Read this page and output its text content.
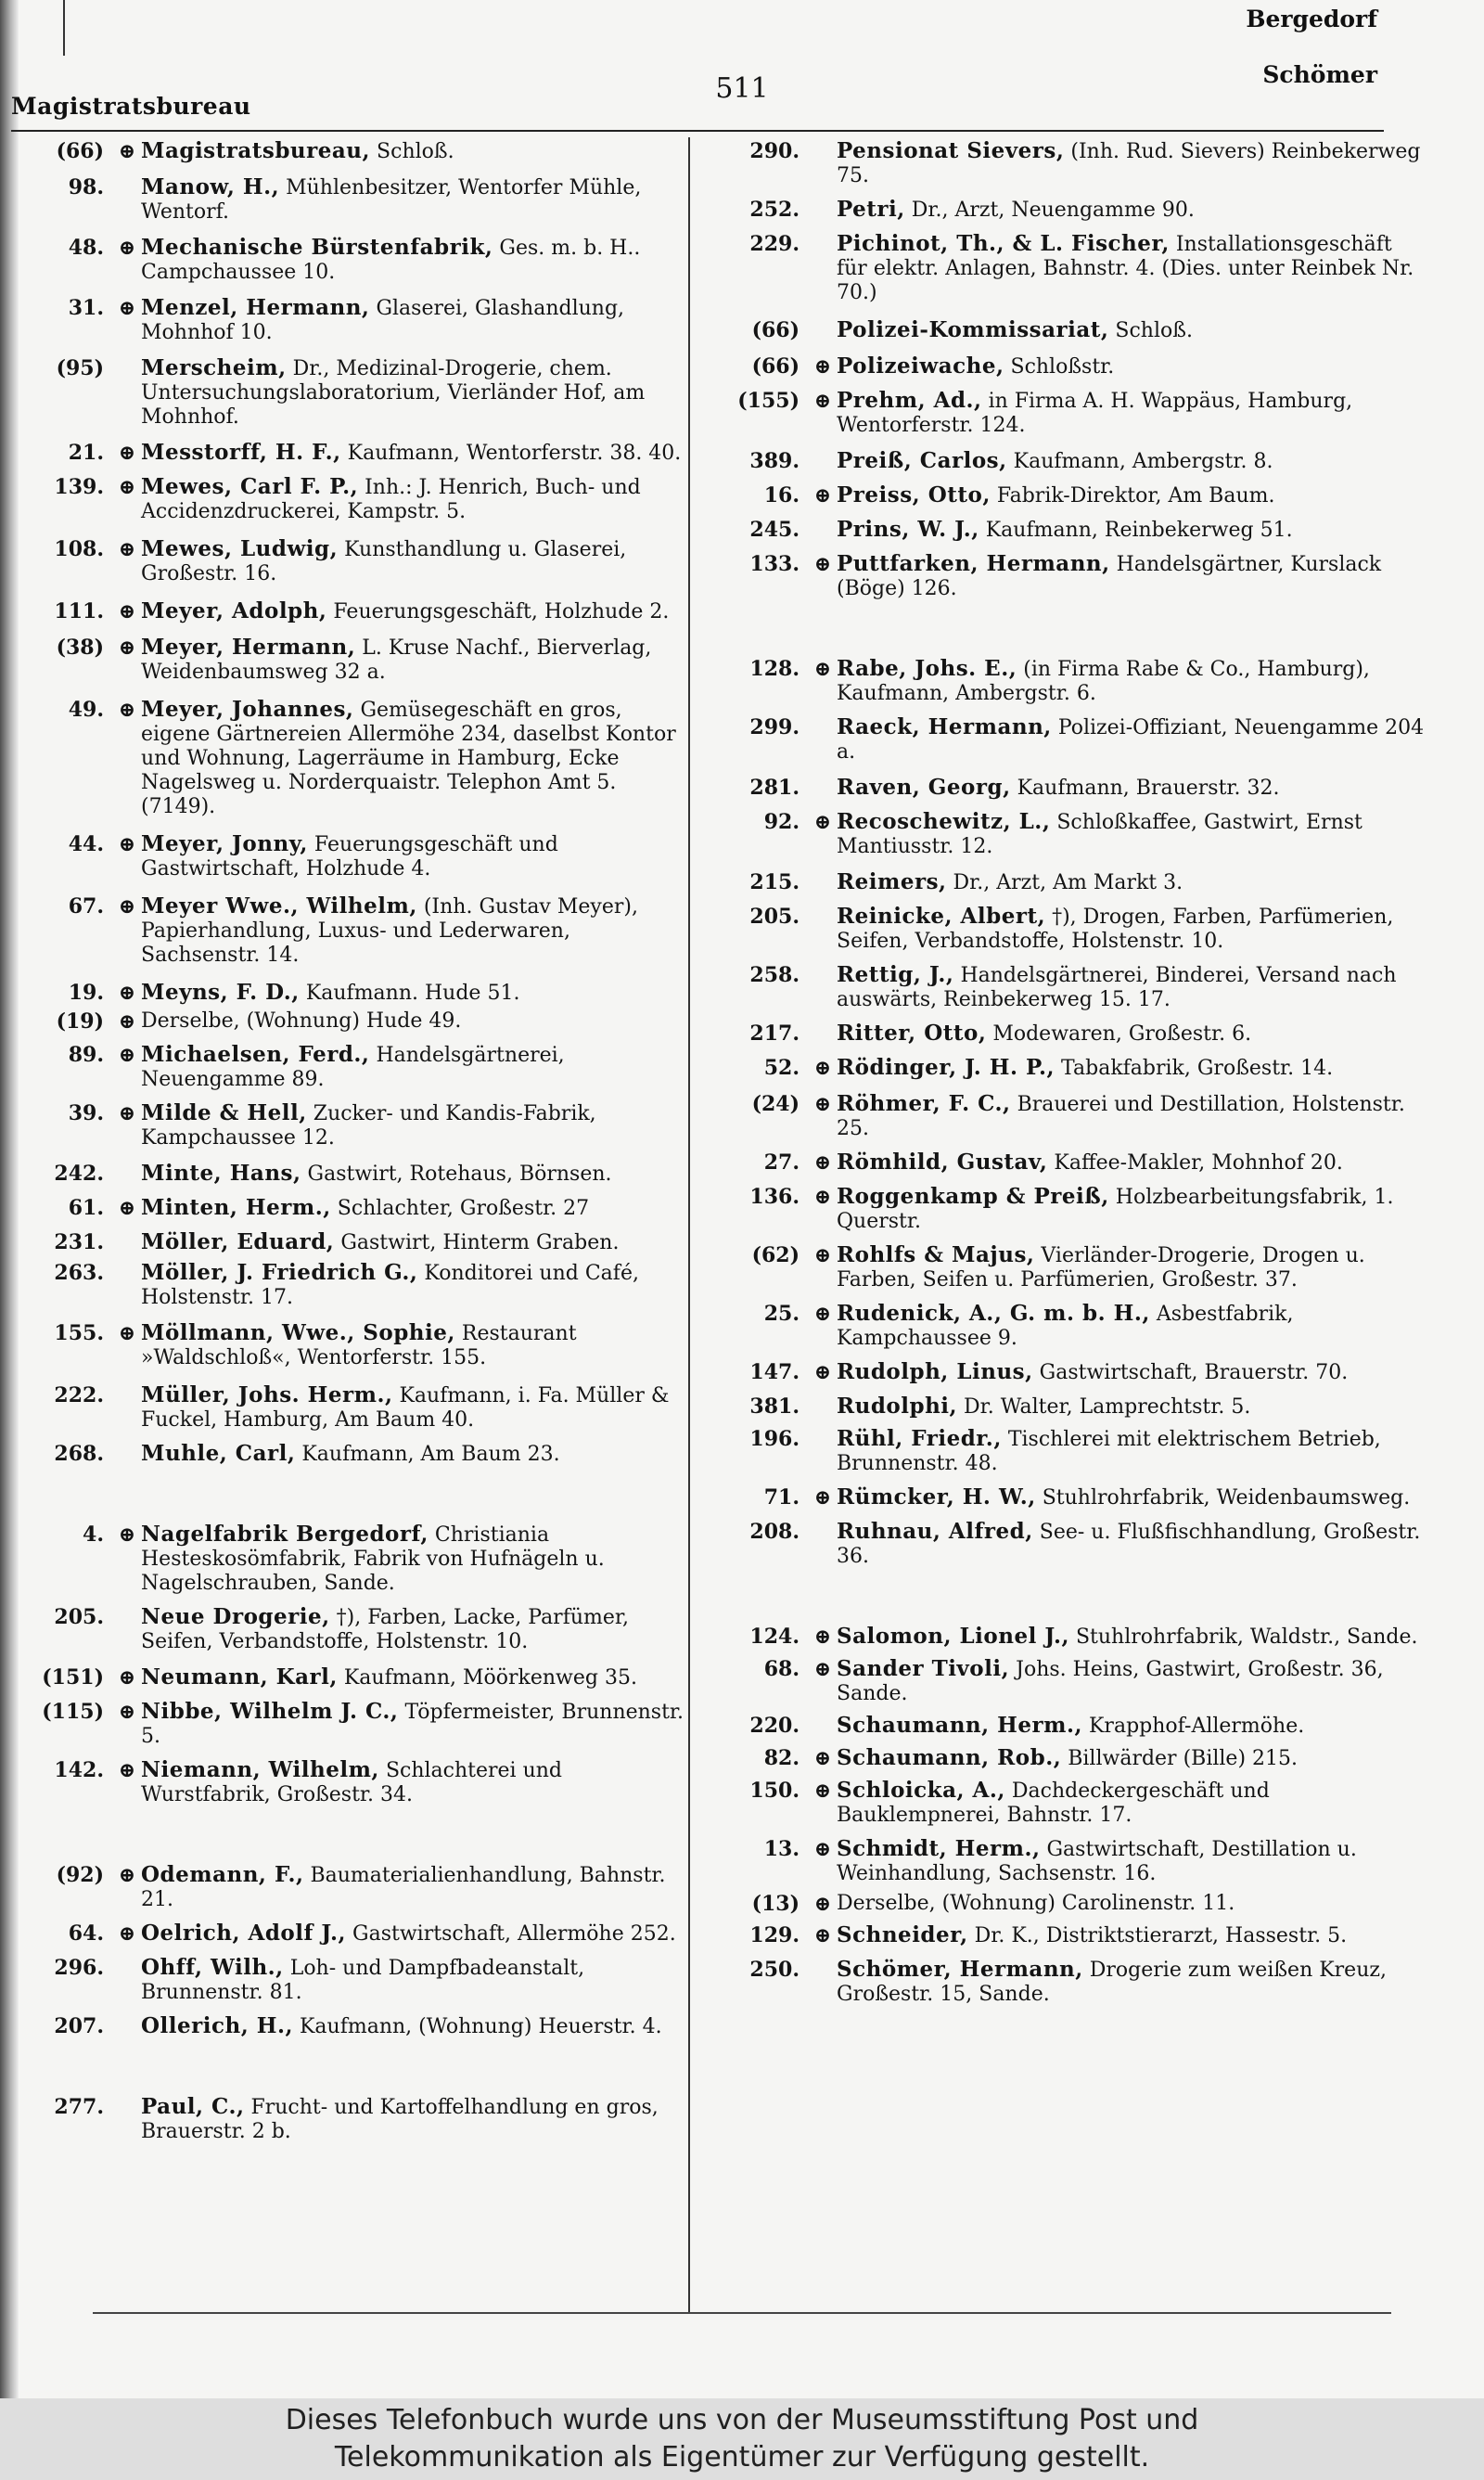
Magistratsbureau
511
Bergedorf
Schömer
(66) ⊕ Magistratsbureau, Schloß.
98.	Manow, H., Mühlenbesitzer, Wentorfer Mühle, Wentorf.
48. ⊕ Mechanische Bürstenfabrik, Ges. m. b. H.. Campchaussee 10.
31. ⊕ Menzel, Hermann, Glaserei, Glashandlung, Mohnhof 10.
(95)	Merscheim, Dr., Medizinal-Drogerie, chem. Untersuchungslaboratorium, Vierländer Hof, am Mohnhof.
21. ⊕ Messtorff, H. F., Kaufmann, Wentorferstr. 38. 40.
139. ⊕ Mewes, Carl F. P., Inh.: J. Henrich, Buch- und Accidenzdruckerei, Kampstr. 5.
108. ⊕ Mewes, Ludwig, Kunsthandlung u. Glaserei, Großestr. 16.
111. ⊕ Meyer, Adolph, Feuerungsgeschäft, Holzhude 2.
(38) ⊕ Meyer, Hermann, L. Kruse Nachf., Bierverlag, Weidenbaumsweg 32 a.
49. ⊕ Meyer, Johannes, Gemüsegeschäft en gros, eigene Gärtnereien Allermöhe 234, daselbst Kontor und Wohnung, Lagerräume in Hamburg, Ecke Nagelsweg u. Norderquaistr. Telephon Amt 5. (7149).
44. ⊕ Meyer, Jonny, Feuerungsgeschäft und Gastwirtschaft, Holzhude 4.
67. ⊕ Meyer Wwe., Wilhelm, (Inh. Gustav Meyer), Papierhandlung, Luxus- und Lederwaren, Sachsenstr. 14.
19. ⊕ Meyns, F. D., Kaufmann. Hude 51.
(19) ⊕ Derselbe, (Wohnung) Hude 49.
89. ⊕ Michaelsen, Ferd., Handelsgärtnerei, Neuengamme 89.
39. ⊕ Milde & Hell, Zucker- und Kandis-Fabrik, Kampchaussee 12.
242.	Minte, Hans, Gastwirt, Rotehaus, Börnsen.
61. ⊕ Minten, Herm., Schlachter, Großestr. 27
231.	Möller, Eduard, Gastwirt, Hinterm Graben.
263.	Möller, J. Friedrich G., Konditorei und Café, Holstenstr. 17.
155. ⊕ Möllmann, Wwe., Sophie, Restaurant »Waldschloß«, Wentorferstr. 155.
222.	Müller, Johs. Herm., Kaufmann, i. Fa. Müller & Fuckel, Hamburg, Am Baum 40.
268.	Muhle, Carl, Kaufmann, Am Baum 23.
4. ⊕ Nagelfabrik Bergedorf, Christiania Hesteskosömfabrik, Fabrik von Hufnägeln u. Nagelschrauben, Sande.
205.	Neue Drogerie, †), Farben, Lacke, Parfümer, Seifen, Verbandstoffe, Holstenstr. 10.
(151) ⊕ Neumann, Karl, Kaufmann, Möörkenweg 35.
(115) ⊕ Nibbe, Wilhelm J. C., Töpfermeister, Brunnenstr. 5.
142. ⊕ Niemann, Wilhelm, Schlachterei und Wurstfabrik, Großestr. 34.
(92) ⊕ Odemann, F., Baumaterialienhandlung, Bahnstr. 21.
64. ⊕ Oelrich, Adolf J., Gastwirtschaft, Allermöhe 252.
296.	Ohff, Wilh., Loh- und Dampfbadeanstalt, Brunnenstr. 81.
207.	Ollerich, H., Kaufmann, (Wohnung) Heuerstr. 4.
277.	Paul, C., Frucht- und Kartoffelhandlung en gros, Brauerstr. 2 b.
290.	Pensionat Sievers, (Inh. Rud. Sievers) Reinbekerweg 75.
252.	Petri, Dr., Arzt, Neuengamme 90.
229.	Pichinot, Th., & L. Fischer, Installationsgeschäft für elektr. Anlagen, Bahnstr. 4. (Dies. unter Reinbek Nr. 70.)
(66)	Polizei-Kommissariat, Schloß.
(66) ⊕ Polizeiwache, Schloßstr.
(155) ⊕ Prehm, Ad., in Firma A. H. Wappäus, Hamburg, Wentorferstr. 124.
389.	Preiß, Carlos, Kaufmann, Ambergstr. 8.
16. ⊕ Preiss, Otto, Fabrik-Direktor, Am Baum.
245.	Prins, W. J., Kaufmann, Reinbekerweg 51.
133. ⊕ Puttfarken, Hermann, Handelsgärtner, Kurslack (Böge) 126.
128. ⊕ Rabe, Johs. E., (in Firma Rabe & Co., Hamburg), Kaufmann, Ambergstr. 6.
299.	Raeck, Hermann, Polizei-Offiziant, Neuengamme 204 a.
281.	Raven, Georg, Kaufmann, Brauerstr. 32.
92. ⊕ Recoschewitz, L., Schloßkaffee, Gastwirt, Ernst Mantiusstr. 12.
215.	Reimers, Dr., Arzt, Am Markt 3.
205.	Reinicke, Albert, †), Drogen, Farben, Parfümerien, Seifen, Verbandstoffe, Holstenstr. 10.
258.	Rettig, J., Handelsgärtnerei, Binderei, Versand nach auswärts, Reinbekerweg 15. 17.
217.	Ritter, Otto, Modewaren, Großestr. 6.
52. ⊕ Rödinger, J. H. P., Tabakfabrik, Großestr. 14.
(24) ⊕ Röhmer, F. C., Brauerei und Destillation, Holstenstr. 25.
27. ⊕ Römhild, Gustav, Kaffee-Makler, Mohnhof 20.
136. ⊕ Roggenkamp & Preiß, Holzbearbeitungsfabrik, 1. Querstr.
(62) ⊕ Rohlfs & Majus, Vierländer-Drogerie, Drogen u. Farben, Seifen u. Parfümerien, Großestr. 37.
25. ⊕ Rudenick, A., G. m. b. H., Asbestfabrik, Kampchaussee 9.
147. ⊕ Rudolph, Linus, Gastwirtschaft, Brauerstr. 70.
381.	Rudolphi, Dr. Walter, Lamprechtstr. 5.
196.	Rühl, Friedr., Tischlerei mit elektrischem Betrieb, Brunnenstr. 48.
71. ⊕ Rümcker, H. W., Stuhlrohrfabrik, Weidenbaumsweg.
208.	Ruhnau, Alfred, See- u. Flußfischhandlung, Großestr. 36.
124. ⊕ Salomon, Lionel J., Stuhlrohrfabrik, Waldstr., Sande.
68. ⊕ Sander Tivoli, Johs. Heins, Gastwirt, Großestr. 36, Sande.
220.	Schaumann, Herm., Krapphof-Allermöhe.
82. ⊕ Schaumann, Rob., Billwärder (Bille) 215.
150. ⊕ Schloicka, A., Dachdeckergeschäft und Bauklempnerei, Bahnstr. 17.
13. ⊕ Schmidt, Herm., Gastwirtschaft, Destillation u. Weinhandlung, Sachsenstr. 16.
(13) ⊕ Derselbe, (Wohnung) Carolinenstr. 11.
129. ⊕ Schneider, Dr. K., Distriktstierarzt, Hassestr. 5.
250.	Schömer, Hermann, Drogerie zum weißen Kreuz, Großestr. 15, Sande.
Dieses Telefonbuch wurde uns von der Museumsstiftung Post und
Telekommunikation als Eigentümer zur Verfügung gestellt.
